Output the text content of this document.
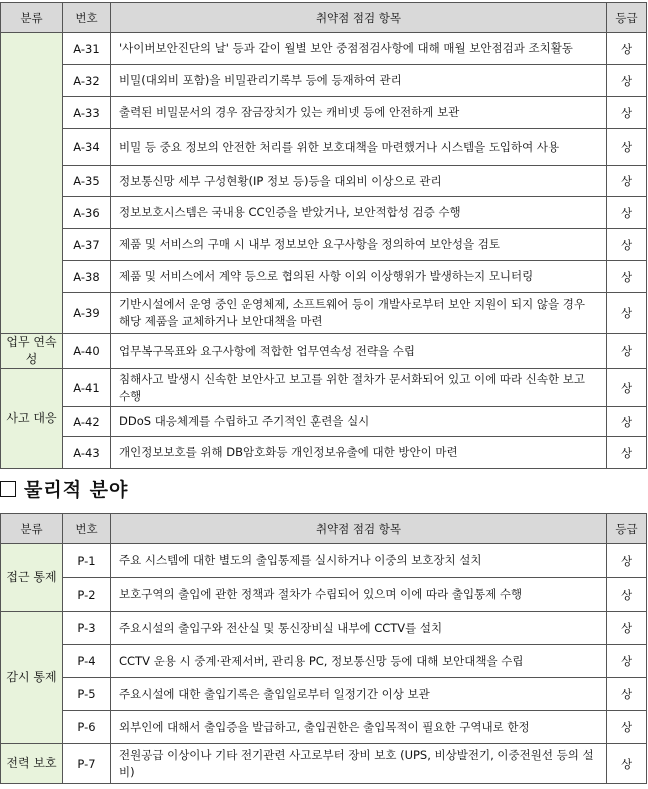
분류	번호	취약점 점검 항목	등급
	A-31	'사이버보안진단의 날' 등과 같이 월별 보안 중점점검사항에 대해 매월 보안점검과 조치활동	상
	A-32	비밀(대외비 포함)을 비밀관리기록부 등에 등재하여 관리	상
	A-33	출력된 비밀문서의 경우 잠금장치가 있는 캐비넷 등에 안전하게 보관	상
	A-34	비밀 등 중요 정보의 안전한 처리를 위한 보호대책을 마련했거나 시스템을 도입하여 사용	상
	A-35	정보통신망 세부 구성현황(IP 정보 등)등을 대외비 이상으로 관리	상
	A-36	정보보호시스템은 국내용 CC인증을 받았거나, 보안적합성 검증 수행	상
	A-37	제품 및 서비스의 구매 시 내부 정보보안 요구사항을 정의하여 보안성을 검토	상
	A-38	제품 및 서비스에서 계약 등으로 협의된 사항 이외 이상행위가 발생하는지 모니터링	상
	A-39	기반시설에서 운영 중인 운영체제, 소프트웨어 등이 개발사로부터 보안 지원이 되지 않을 경우 해당 제품을 교체하거나 보안대책을 마련	상
업무 연속성	A-40	업무복구목표와 요구사항에 적합한 업무연속성 전략을 수립	상
사고 대응	A-41	침해사고 발생시 신속한 보안사고 보고를 위한 절차가 문서화되어 있고 이에 따라 신속한 보고 수행	상
	A-42	DDoS 대응체계를 수립하고 주기적인 훈련을 실시	상
	A-43	개인정보보호를 위해 DB암호화등 개인정보유출에 대한 방안이 마련	상
물리적 분야
분류	번호	취약점 점검 항목	등급
접근 통제	P-1	주요 시스템에 대한 별도의 출입통제를 실시하거나 이중의 보호장치 설치	상
	P-2	보호구역의 출입에 관한 정책과 절차가 수립되어 있으며 이에 따라 출입통제 수행	상
감시 통제	P-3	주요시설의 출입구와 전산실 및 통신장비실 내부에 CCTV를 설치	상
	P-4	CCTV 운용 시 중계·관제서버, 관리용 PC, 정보통신망 등에 대해 보안대책을 수립	상
	P-5	주요시설에 대한 출입기록은 출입일로부터 일정기간 이상 보관	상
	P-6	외부인에 대해서 출입증을 발급하고, 출입권한은 출입목적이 필요한 구역내로 한정	상
전력 보호	P-7	전원공급 이상이나 기타 전기관련 사고로부터 장비 보호 (UPS, 비상발전기, 이중전원선 등의 설비)	상
